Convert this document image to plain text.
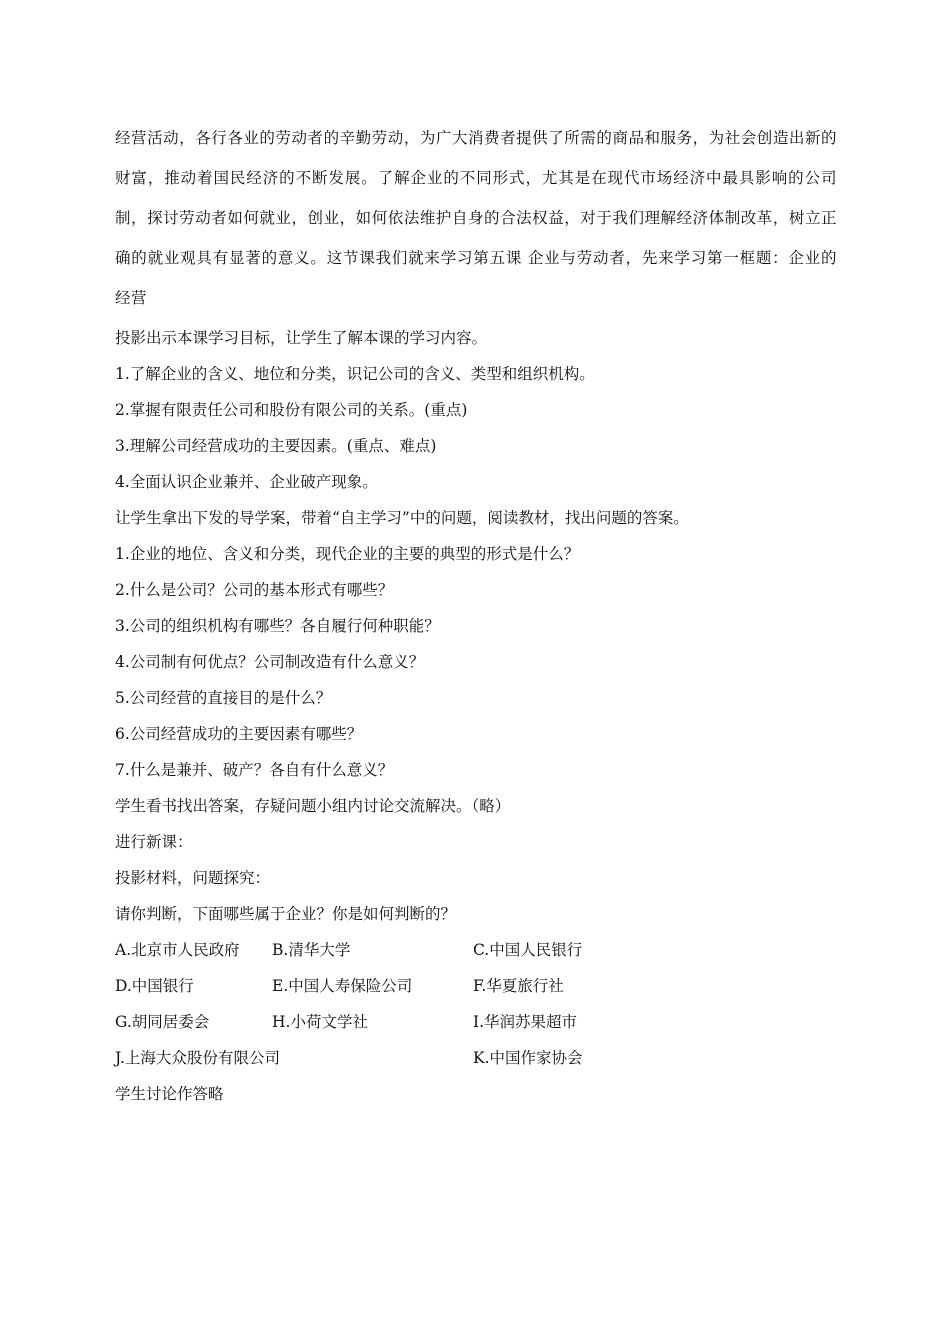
经营活动，各行各业的劳动者的辛勤劳动，为广大消费者提供了所需的商品和服务，为社会创造出新的财富，推动着国民经济的不断发展。了解企业的不同形式，尤其是在现代市场经济中最具影响的公司制，探讨劳动者如何就业，创业，如何依法维护自身的合法权益，对于我们理解经济体制改革，树立正确的就业观具有显著的意义。这节课我们就来学习第五课 企业与劳动者，先来学习第一框题：企业的经营

投影出示本课学习目标，让学生了解本课的学习内容。

1.了解企业的含义、地位和分类，识记公司的含义、类型和组织机构。

2.掌握有限责任公司和股份有限公司的关系。(重点)

3.理解公司经营成功的主要因素。(重点、难点)

4.全面认识企业兼并、企业破产现象。

让学生拿出下发的导学案，带着“自主学习”中的问题，阅读教材，找出问题的答案。

1.企业的地位、含义和分类，现代企业的主要的典型的形式是什么？

2.什么是公司？公司的基本形式有哪些？

3.公司的组织机构有哪些？各自履行何种职能？

4.公司制有何优点？公司制改造有什么意义？

5.公司经营的直接目的是什么？

6.公司经营成功的主要因素有哪些？

7.什么是兼并、破产？各自有什么意义？

学生看书找出答案，存疑问题小组内讨论交流解决。（略）

进行新课：

投影材料，问题探究：

请你判断，下面哪些属于企业？你是如何判断的？

A.北京市人民政府 B.清华大学	C.中国人民银行
D.中国银行	E.中国人寿保险公司	F.华夏旅行社
G.胡同居委会	H.小荷文学社	I.华润苏果超市
J.上海大众股份有限公司	K.中国作家协会

学生讨论作答略
